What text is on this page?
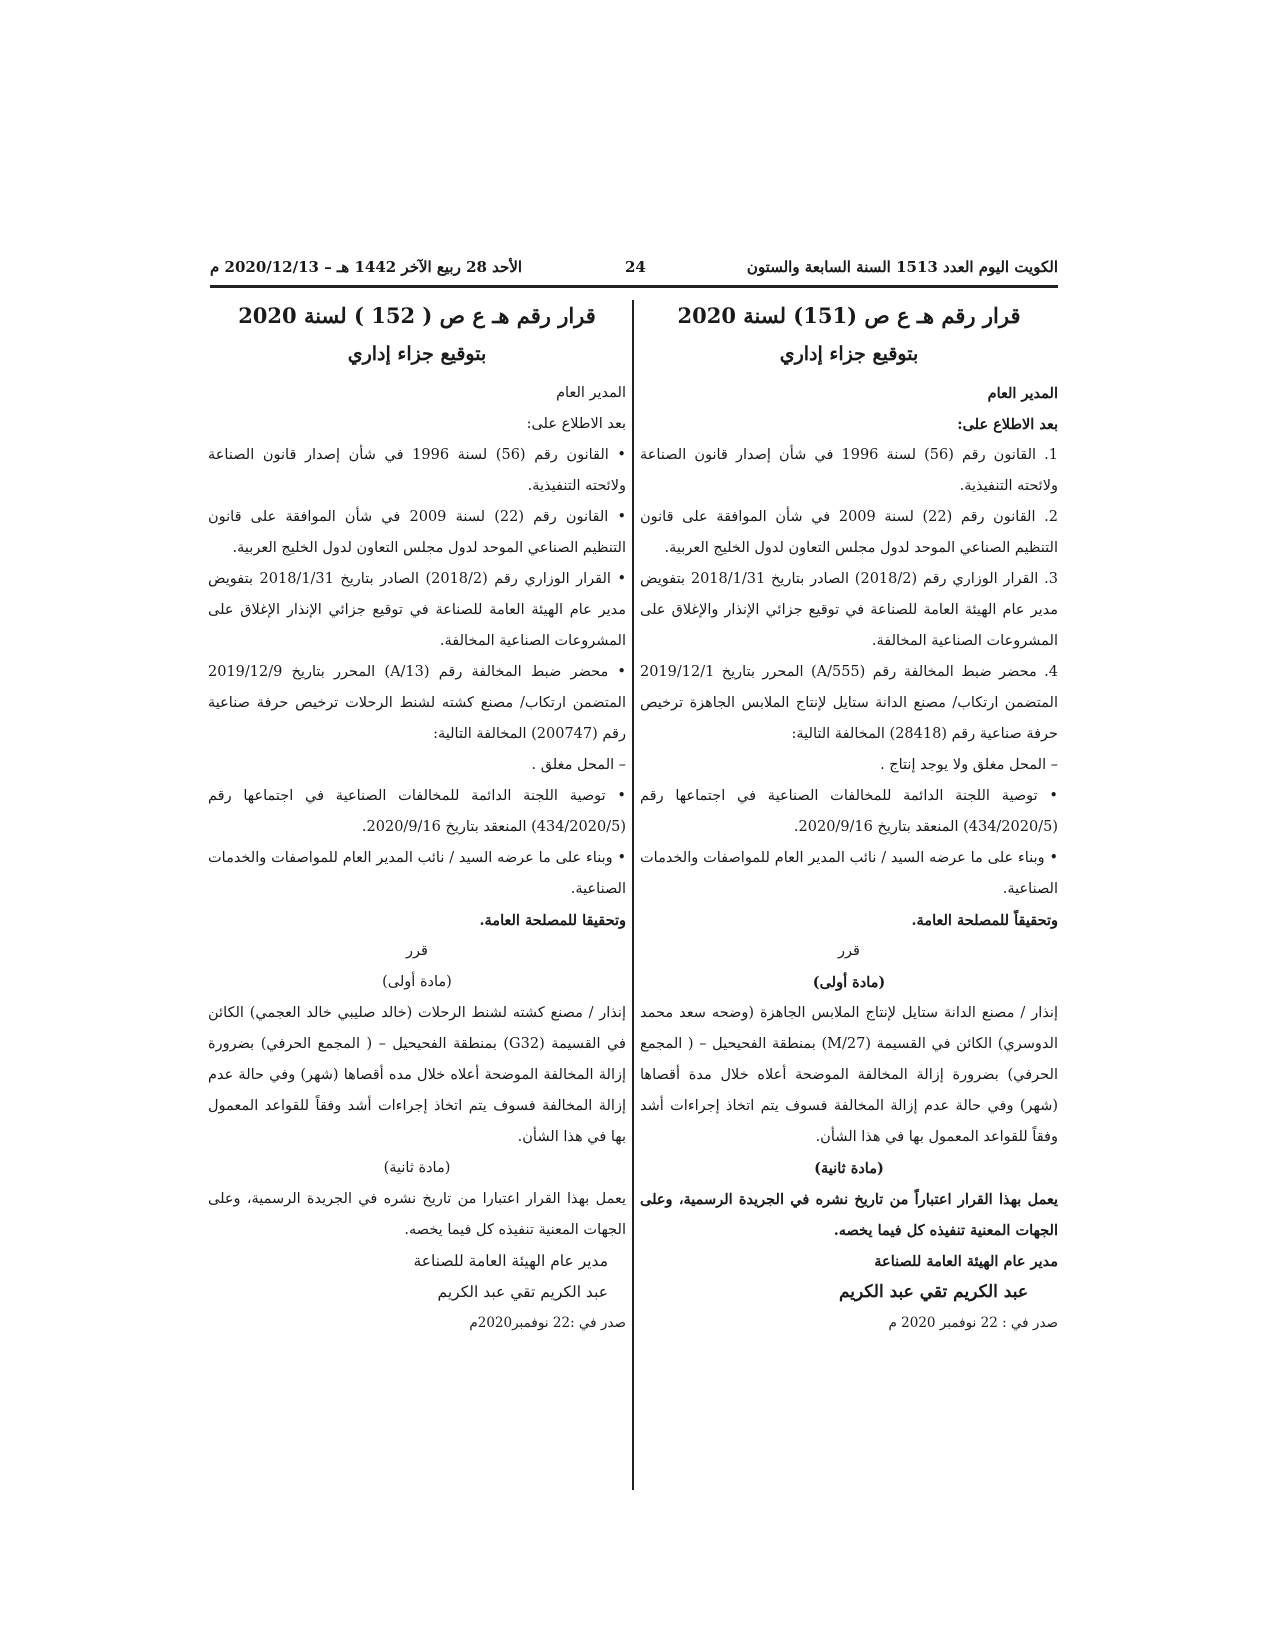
الكويت اليوم العدد 1513 السنة السابعة والستون
24
الأحد 28 ربيع الآخر 1442 هـ – 2020/12/13 م

قرار رقم هـ ع ص (151) لسنة 2020

بتوقيع جزاء إداري

المدير العام

بعد الاطلاع على:

1. القانون رقم (56) لسنة 1996 في شأن إصدار قانون الصناعة ولائحته التنفيذية.

2. القانون رقم (22) لسنة 2009 في شأن الموافقة على قانون التنظيم الصناعي الموحد لدول مجلس التعاون لدول الخليج العربية.

3. القرار الوزاري رقم (2018/2) الصادر بتاريخ 2018/1/31 بتفويض مدير عام الهيئة العامة للصناعة في توقيع جزائي الإنذار والإغلاق على المشروعات الصناعية المخالفة.

4. محضر ضبط المخالفة رقم (555/A) المحرر بتاريخ 2019/12/1 المتضمن ارتكاب/ مصنع الدانة ستايل لإنتاج الملابس الجاهزة ترخيص حرفة صناعية رقم (28418) المخالفة التالية:

– المحل مغلق ولا يوجد إنتاج .

• توصية اللجنة الدائمة للمخالفات الصناعية في اجتماعها رقم (434/2020/5) المنعقد بتاريخ 2020/9/16.

• وبناء على ما عرضه السيد / نائب المدير العام للمواصفات والخدمات الصناعية.

وتحقيقاً للمصلحة العامة.

قرر

(مادة أولى)

إنذار / مصنع الدانة ستايل لإنتاج الملابس الجاهزة (وضحه سعد محمد الدوسري) الكائن في القسيمة (M/27) بمنطقة الفحيحيل – ( المجمع الحرفي) بضرورة إزالة المخالفة الموضحة أعلاه خلال مدة أقصاها (شهر) وفي حالة عدم إزالة المخالفة فسوف يتم اتخاذ إجراءات أشد وفقاً للقواعد المعمول بها في هذا الشأن.

(مادة ثانية)

يعمل بهذا القرار اعتباراً من تاريخ نشره في الجريدة الرسمية، وعلى الجهات المعنية تنفيذه كل فيما يخصه.

مدير عام الهيئة العامة للصناعة

عبد الكريم تقي عبد الكريم

صدر في : 22 نوفمبر 2020 م

قرار رقم هـ ع ص ( 152 ) لسنة 2020

بتوقيع جزاء إداري

المدير العام

بعد الاطلاع على:

• القانون رقم (56) لسنة 1996 في شأن إصدار قانون الصناعة ولائحته التنفيذية.

• القانون رقم (22) لسنة 2009 في شأن الموافقة على قانون التنظيم الصناعي الموحد لدول مجلس التعاون لدول الخليج العربية.

• القرار الوزاري رقم (2018/2) الصادر بتاريخ 2018/1/31 بتفويض مدير عام الهيئة العامة للصناعة في توقيع جزائي الإنذار الإغلاق على المشروعات الصناعية المخالفة.

• محضر ضبط المخالفة رقم (A/13) المحرر بتاريخ 2019/12/9 المتضمن ارتكاب/ مصنع كشته لشنط الرحلات ترخيص حرفة صناعية رقم (200747) المخالفة التالية:

– المحل مغلق .

• توصية اللجنة الدائمة للمخالفات الصناعية في اجتماعها رقم (434/2020/5) المنعقد بتاريخ 2020/9/16.

• وبناء على ما عرضه السيد / نائب المدير العام للمواصفات والخدمات الصناعية.

وتحقيقا للمصلحة العامة.

قرر

(مادة أولى)

إنذار / مصنع كشته لشنط الرحلات (خالد صليبي خالد العجمي) الكائن في القسيمة (G32) بمنطقة الفحيحيل – ( المجمع الحرفي) بضرورة إزالة المخالفة الموضحة أعلاه خلال مده أقصاها (شهر) وفي حالة عدم إزالة المخالفة فسوف يتم اتخاذ إجراءات أشد وفقاً للقواعد المعمول بها في هذا الشأن.

(مادة ثانية)

يعمل بهذا القرار اعتبارا من تاريخ نشره في الجريدة الرسمية، وعلى الجهات المعنية تنفيذه كل فيما يخصه.

مدير عام الهيئة العامة للصناعة

عبد الكريم تقي عبد الكريم

صدر في :22 نوفمبر2020م
